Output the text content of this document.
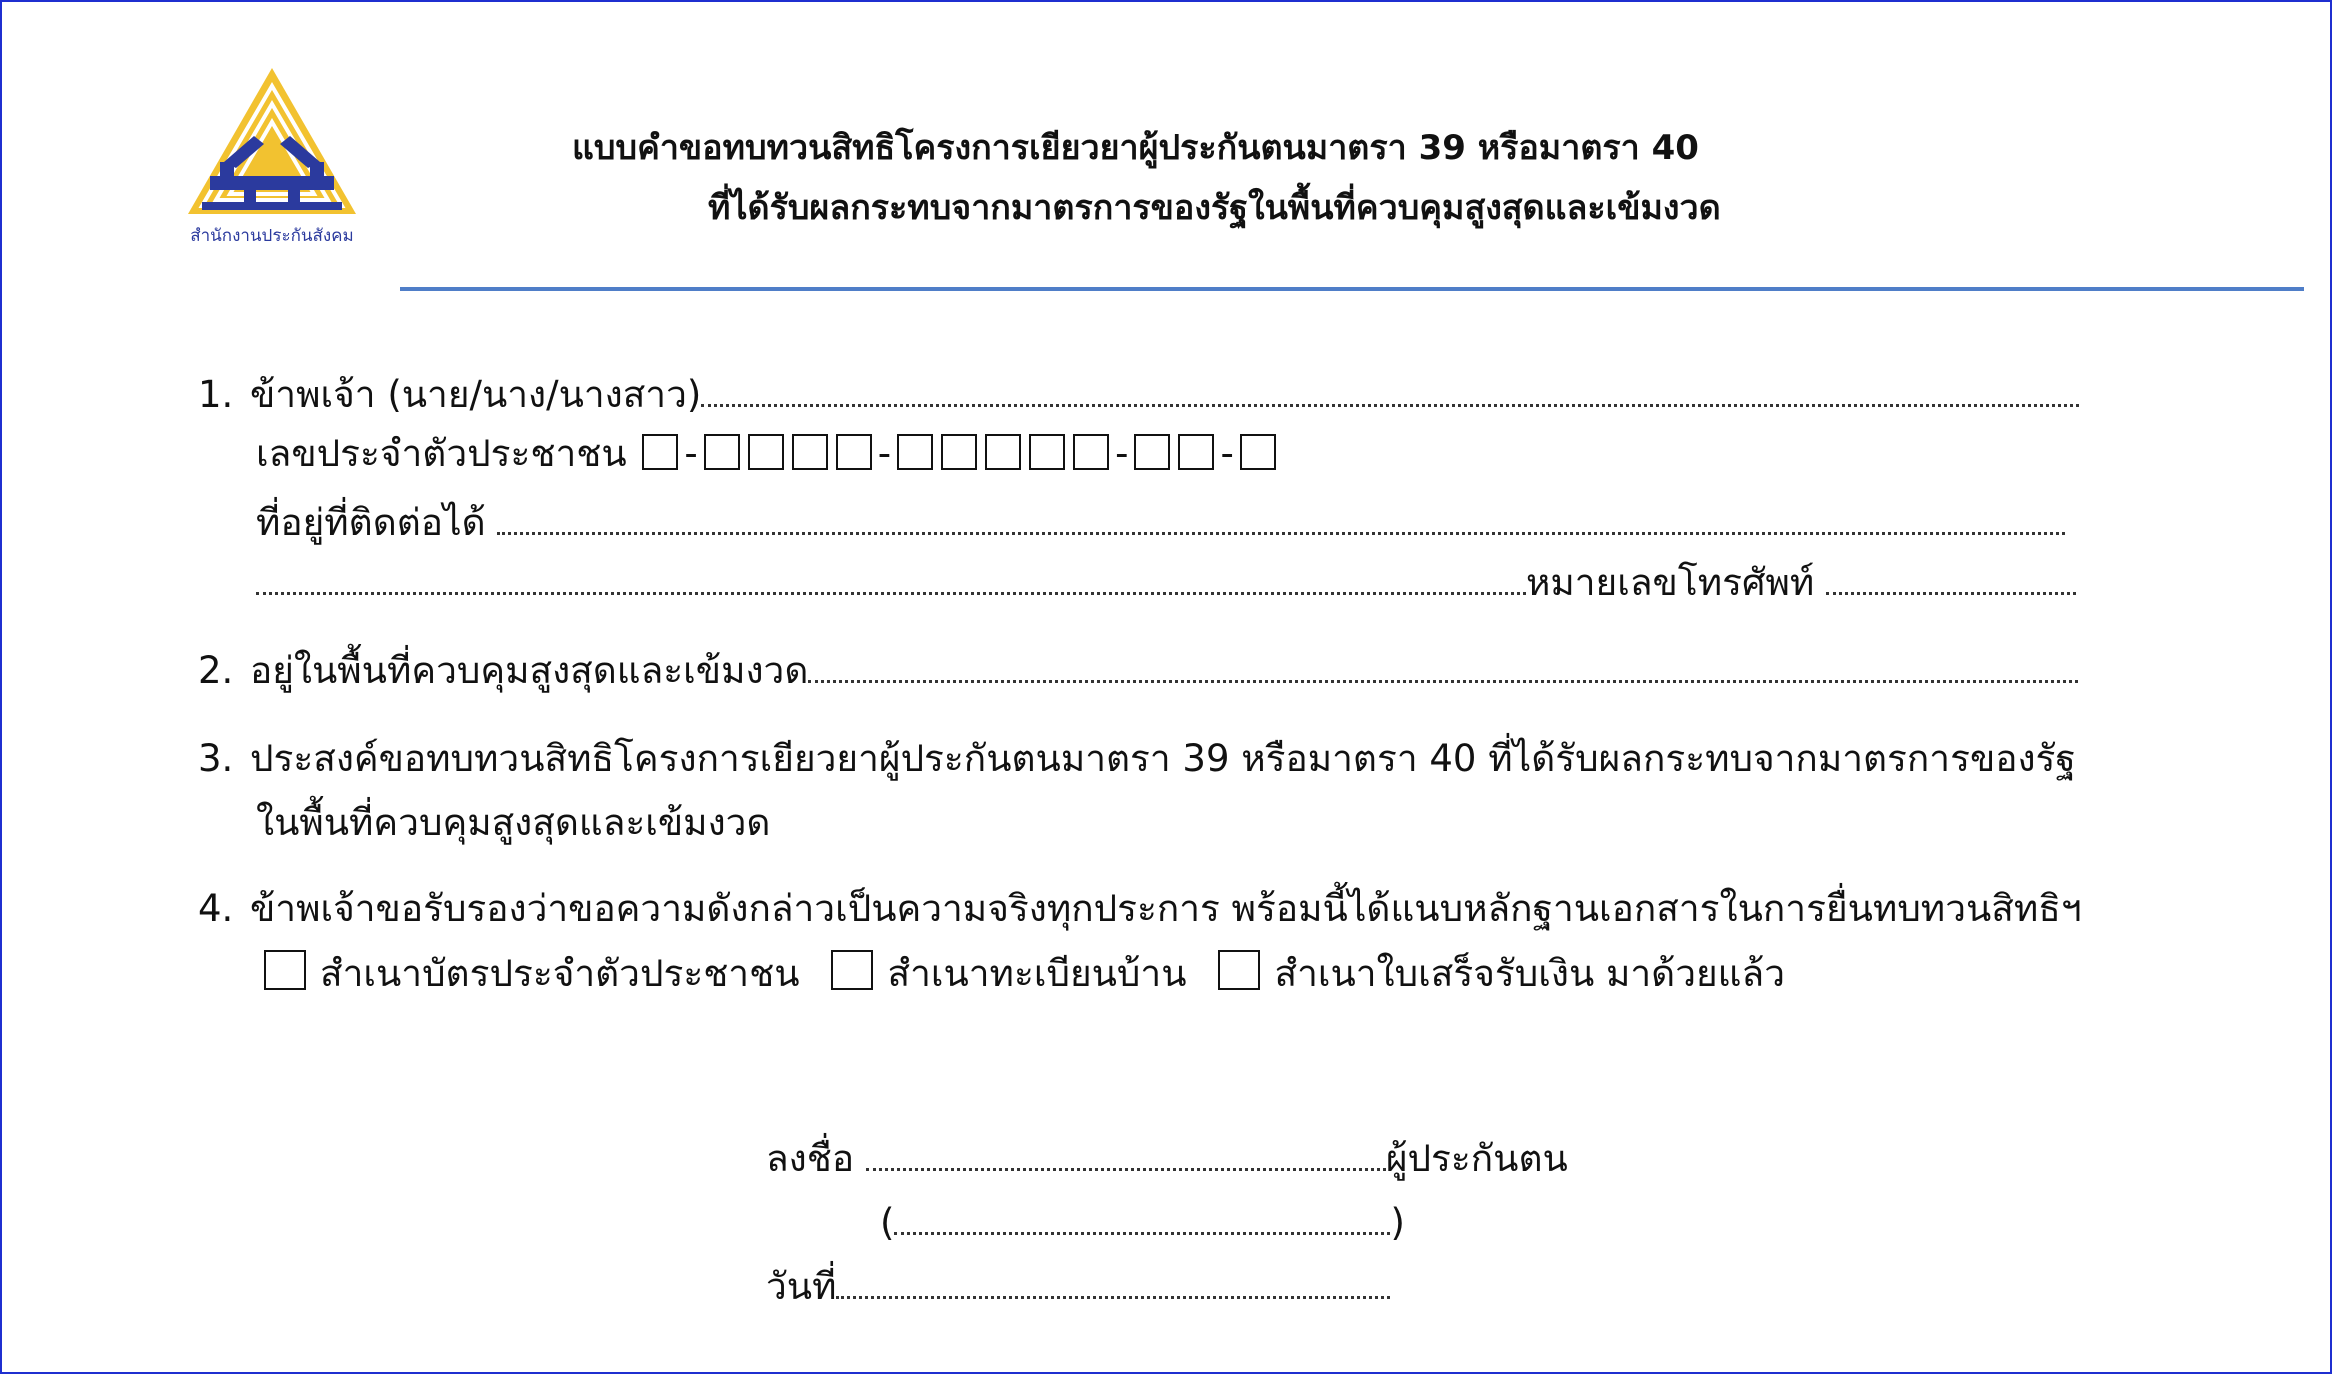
สำนักงานประกันสังคม
แบบคำขอทบทวนสิทธิโครงการเยียวยาผู้ประกันตนมาตรา 39 หรือมาตรา 40
ที่ได้รับผลกระทบจากมาตรการของรัฐในพื้นที่ควบคุมสูงสุดและเข้มงวด
1. ข้าพเจ้า (นาย/นาง/นางสาว)
เลขประจำตัวประชาชน -	-	- -
ที่อยู่ที่ติดต่อได้
หมายเลขโทรศัพท์
2. อยู่ในพื้นที่ควบคุมสูงสุดและเข้มงวด
3. ประสงค์ขอทบทวนสิทธิโครงการเยียวยาผู้ประกันตนมาตรา 39 หรือมาตรา 40 ที่ได้รับผลกระทบจากมาตรการของรัฐ
ในพื้นที่ควบคุมสูงสุดและเข้มงวด
4. ข้าพเจ้าขอรับรองว่าขอความดังกล่าวเป็นความจริงทุกประการ พร้อมนี้ได้แนบหลักฐานเอกสารในการยื่นทบทวนสิทธิฯ
สำเนาบัตรประจำตัวประชาชน สำเนาทะเบียนบ้าน สำเนาใบเสร็จรับเงิน มาด้วยแล้ว
ลงชื่อ	ผู้ประกันตน
(	)
วันที่
